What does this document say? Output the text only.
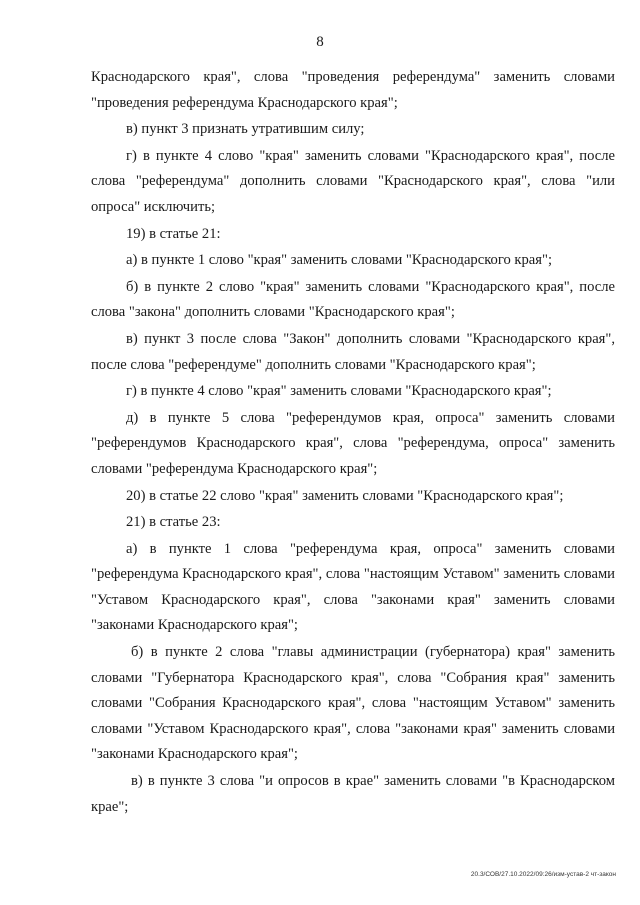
8

Краснодарского края", слова "проведения референдума" заменить словами "проведения референдума Краснодарского края";

в) пункт 3 признать утратившим силу;

г) в пункте 4 слово "края" заменить словами "Краснодарского края", после слова "референдума" дополнить словами "Краснодарского края", слова "или опроса" исключить;

19) в статье 21:

а) в пункте 1 слово "края" заменить словами "Краснодарского края";

б) в пункте 2 слово "края" заменить словами "Краснодарского края", после слова "закона" дополнить словами "Краснодарского края";

в) пункт 3 после слова "Закон" дополнить словами "Краснодарского края", после слова "референдуме" дополнить словами "Краснодарского края";

г) в пункте 4 слово "края" заменить словами "Краснодарского края";

д) в пункте 5 слова "референдумов края, опроса" заменить словами "референдумов Краснодарского края", слова "референдума, опроса" заменить словами "референдума Краснодарского края";

20) в статье 22 слово "края" заменить словами "Краснодарского края";

21) в статье 23:

а) в пункте 1 слова "референдума края, опроса" заменить словами "референдума Краснодарского края", слова "настоящим Уставом" заменить словами "Уставом Краснодарского края", слова "законами края" заменить словами "законами Краснодарского края";

б) в пункте 2 слова "главы администрации (губернатора) края" заменить словами "Губернатора Краснодарского края", слова "Собрания края" заменить словами "Собрания Краснодарского края", слова "настоящим Уставом" заменить словами "Уставом Краснодарского края", слова "законами края" заменить словами "законами Краснодарского края";

в) в пункте 3 слова "и опросов в крае" заменить словами "в Краснодарском крае";

20.3/СОВ/27.10.2022/09:26/изм-устав-2 чт-закон
